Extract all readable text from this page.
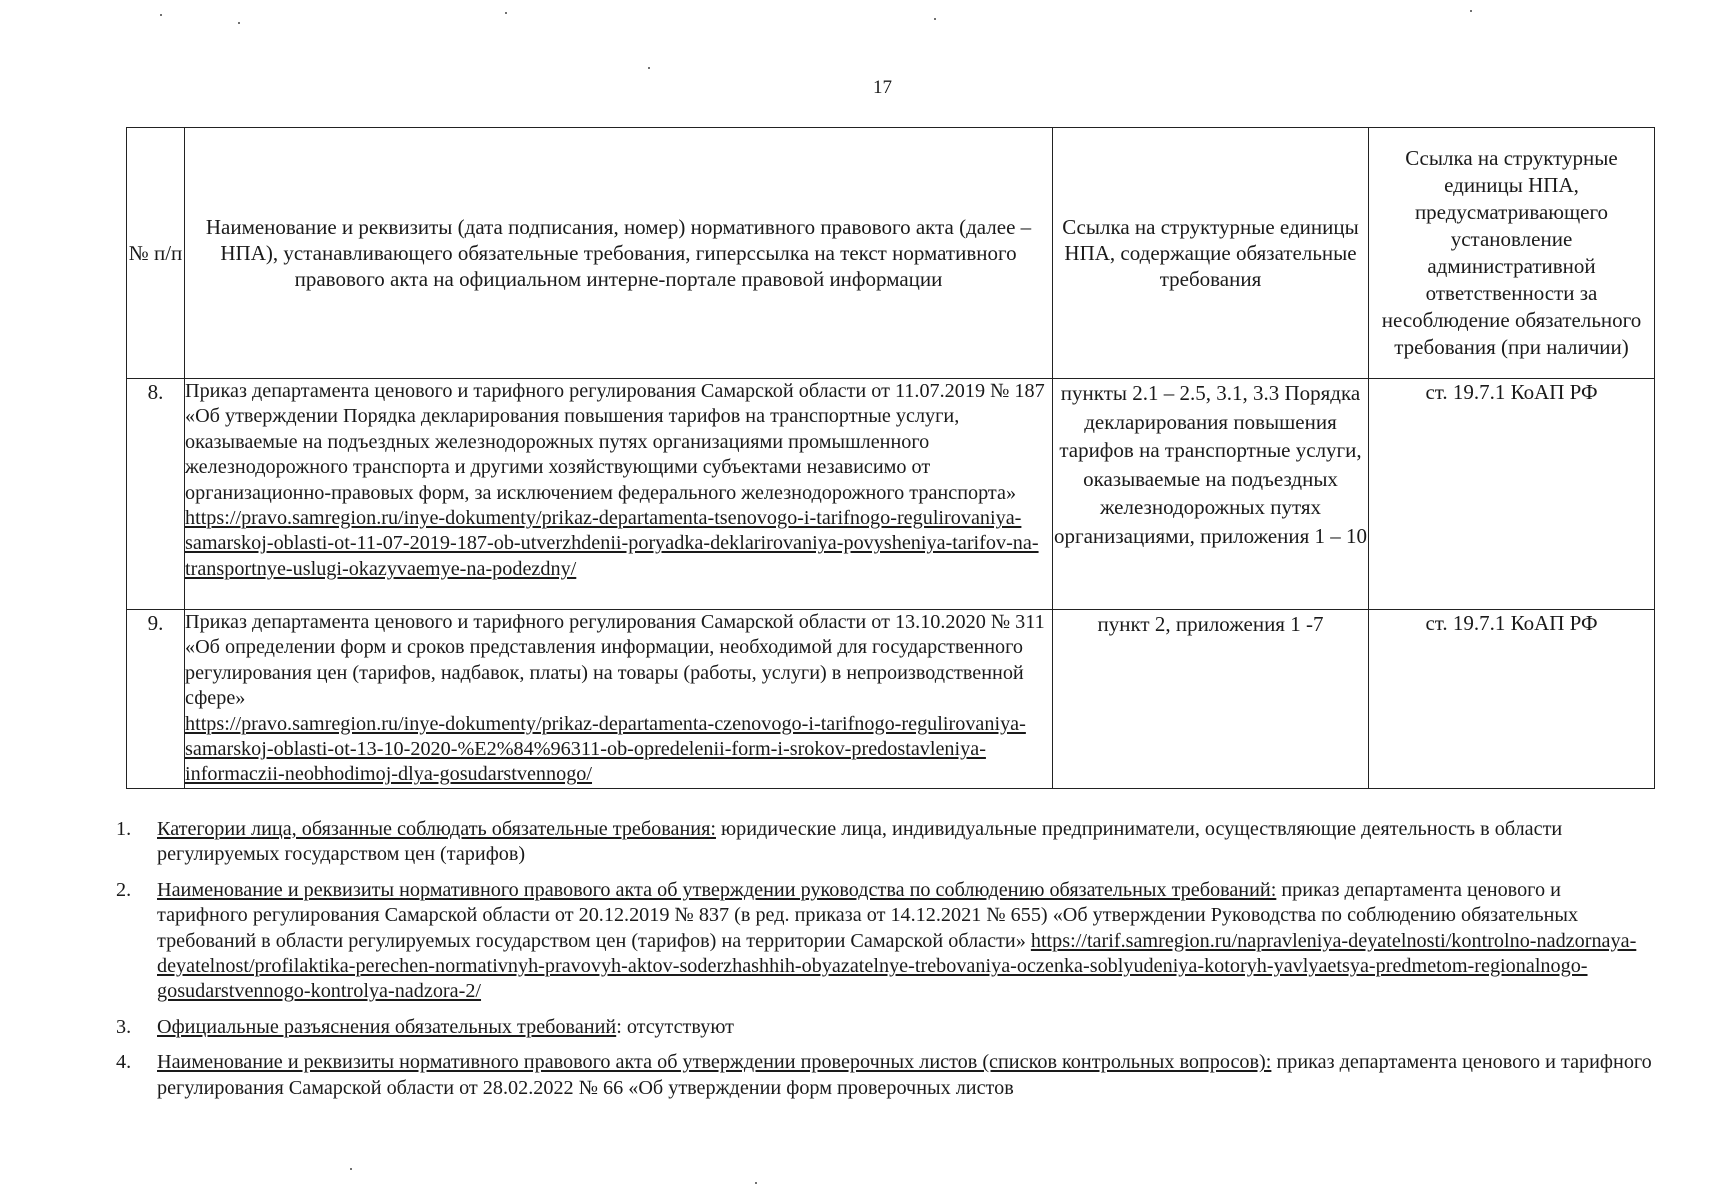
17
№ п/п	Наименование и реквизиты (дата подписания, номер) нормативного правового акта (далее – НПА), устанавливающего обязательные требования, гиперссылка на текст нормативного правового акта на официальном интерне-портале правовой информации	Ссылка на структурные единицы НПА, содержащие обязательные требования	Ссылка на структурные единицы НПА, предусматривающего установление административной ответственности за несоблюдение обязательного требования (при наличии)
8.	Приказ департамента ценового и тарифного регулирования Самарской области от 11.07.2019 № 187 «Об утверждении Порядка декларирования повышения тарифов на транспортные услуги, оказываемые на подъездных железнодорожных путях организациями промышленного железнодорожного транспорта и другими хозяйствующими субъектами независимо от организационно-правовых форм, за исключением федерального железнодорожного транспорта»
https://pravo.samregion.ru/inye-dokumenty/prikaz-departamenta-tsenovogo-i-tarifnogo-regulirovaniya-samarskoj-oblasti-ot-11-07-2019-187-ob-utverzhdenii-poryadka-deklarirovaniya-povysheniya-tarifov-na-transportnye-uslugi-okazyvaemye-na-podezdny/	пункты 2.1 – 2.5, 3.1, 3.3 Порядка декларирования повышения тарифов на транспортные услуги, оказываемые на подъездных железнодорожных путях организациями, приложения 1 – 10	ст. 19.7.1 КоАП РФ
9.	Приказ департамента ценового и тарифного регулирования Самарской области от 13.10.2020 № 311 «Об определении форм и сроков представления информации, необходимой для государственного регулирования цен (тарифов, надбавок, платы) на товары (работы, услуги) в непроизводственной сфере»
https://pravo.samregion.ru/inye-dokumenty/prikaz-departamenta-czenovogo-i-tarifnogo-regulirovaniya-samarskoj-oblasti-ot-13-10-2020-%E2%84%96311-ob-opredelenii-form-i-srokov-predostavleniya-informaczii-neobhodimoj-dlya-gosudarstvennogo/	пункт 2, приложения 1 -7	ст. 19.7.1 КоАП РФ
1. Категории лица, обязанные соблюдать обязательные требования: юридические лица, индивидуальные предприниматели, осуществляющие деятельность в области регулируемых государством цен (тарифов)
2. Наименование и реквизиты нормативного правового акта об утверждении руководства по соблюдению обязательных требований: приказ департамента ценового и тарифного регулирования Самарской области от 20.12.2019 № 837 (в ред. приказа от 14.12.2021 № 655) «Об утверждении Руководства по соблюдению обязательных требований в области регулируемых государством цен (тарифов) на территории Самарской области» https://tarif.samregion.ru/napravleniya-deyatelnosti/kontrolno-nadzornaya-deyatelnost/profilaktika-perechen-normativnyh-pravovyh-aktov-soderzhashhih-obyazatelnye-trebovaniya-oczenka-soblyudeniya-kotoryh-yavlyaetsya-predmetom-regionalnogo-gosudarstvennogo-kontrolya-nadzora-2/
3. Официальные разъяснения обязательных требований: отсутствуют
4. Наименование и реквизиты нормативного правового акта об утверждении проверочных листов (списков контрольных вопросов): приказ департамента ценового и тарифного регулирования Самарской области от 28.02.2022 № 66 «Об утверждении форм проверочных листов
